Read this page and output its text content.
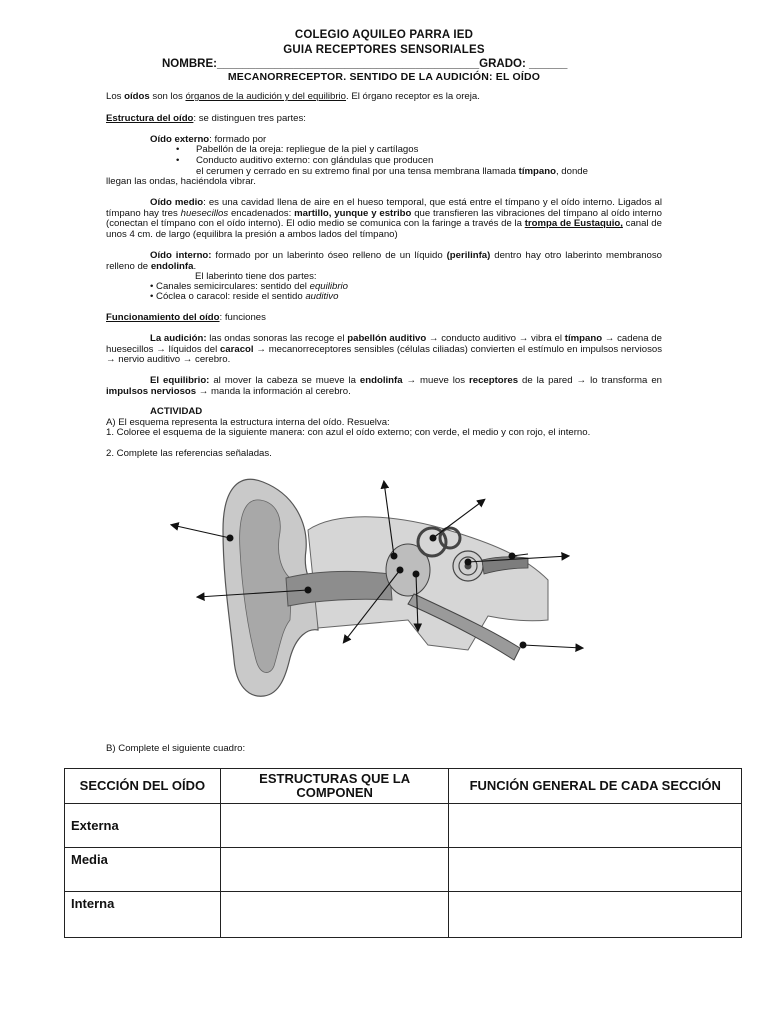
COLEGIO AQUILEO PARRA IED
GUIA RECEPTORES SENSORIALES
NOMBRE:_________________________________________GRADO: ______
MECANORRECEPTOR. SENTIDO DE LA AUDICIÓN: EL OÍDO
Los oídos son los órganos de la audición y del equilibrio. El órgano receptor es la oreja.
Estructura del oído: se distinguen tres partes:
Oído externo: formado por
• Pabellón de la oreja: repliegue de la piel y cartílagos
• Conducto auditivo externo: con glándulas que producen
el cerumen y cerrado en su extremo final por una tensa membrana llamada tímpano, donde
llegan las ondas, haciéndola vibrar.
Oído medio: es una cavidad llena de aire en el hueso temporal, que está entre el tímpano y el oído interno. Ligados al tímpano hay tres huesecillos encadenados: martillo, yunque y estribo que transfieren las vibraciones del tímpano al oído interno (conectan el tímpano con el oído interno). El odio medio se comunica con la faringe a través de la trompa de Eustaquio, canal de unos 4 cm. de largo (equilibra la presión a ambos lados del tímpano)
Oído interno: formado por un laberinto óseo relleno de un líquido (perilinfa) dentro hay otro laberinto membranoso relleno de endolinfa.
El laberinto tiene dos partes:
• Canales semicirculares: sentido del equilibrio
• Cóclea o caracol: reside el sentido auditivo
Funcionamiento del oído: funciones
La audición: las ondas sonoras las recoge el pabellón auditivo → conducto auditivo → vibra el tímpano → cadena de huesecillos → líquidos del caracol → mecanorreceptores sensibles (células ciliadas) convierten el estímulo en impulsos nerviosos → nervio auditivo → cerebro.
El equilibrio: al mover la cabeza se mueve la endolinfa → mueve los receptores de la pared → lo transforma en impulsos nerviosos → manda la información al cerebro.
ACTIVIDAD
A) El esquema representa la estructura interna del oído. Resuelva:
1. Coloree el esquema de la siguiente manera: con azul el oído externo; con verde, el medio y con rojo, el interno.
2. Complete las referencias señaladas.
B) Complete el siguiente cuadro:
SECCIÓN DEL OÍDO	ESTRUCTURAS QUE LA COMPONEN	FUNCIÓN GENERAL DE CADA SECCIÓN
Externa		
Media		
Interna		
